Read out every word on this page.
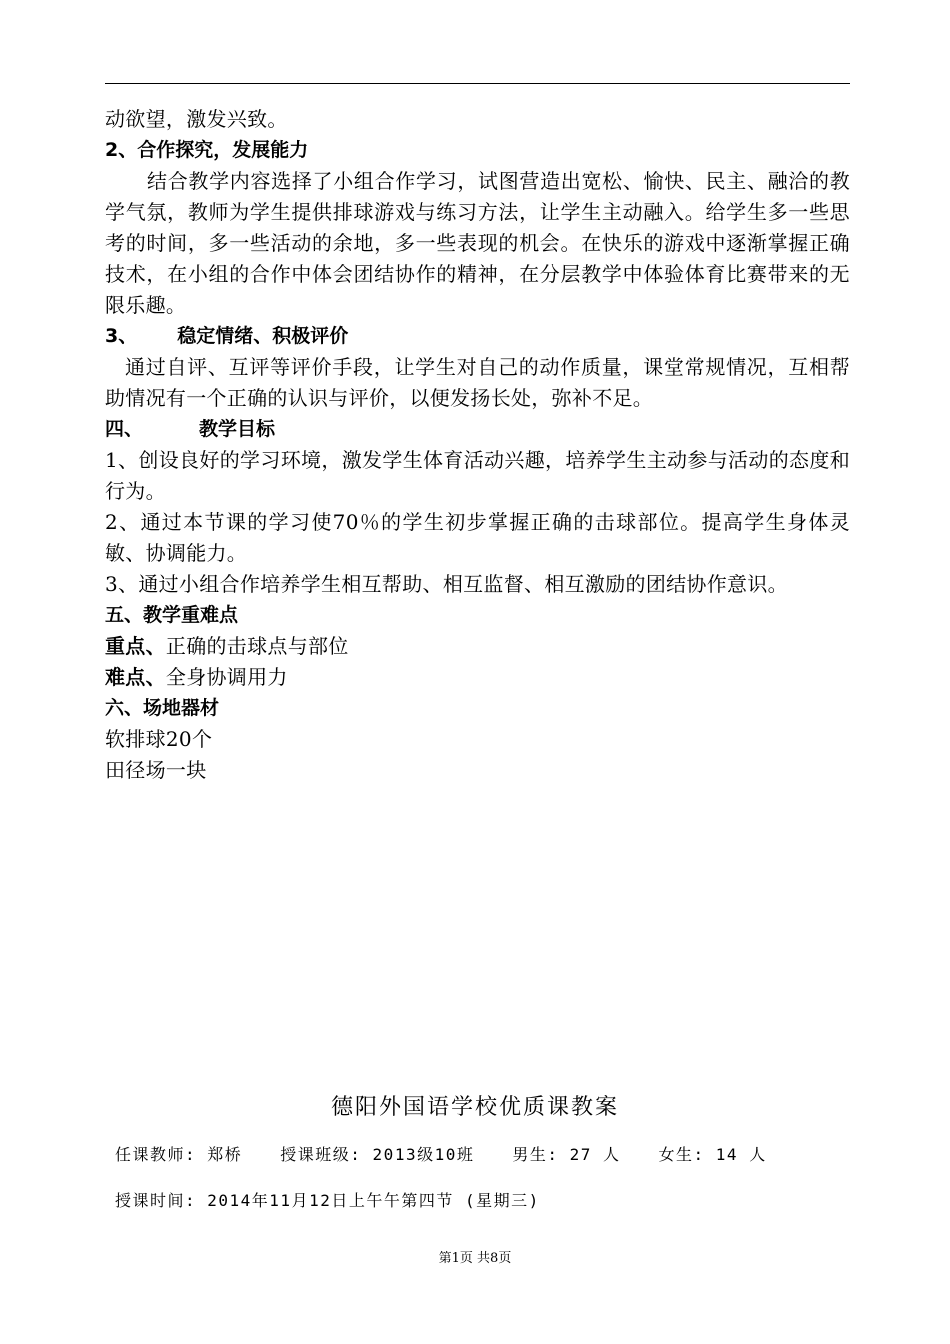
动欲望，激发兴致。

2、合作探究，发展能力

结合教学内容选择了小组合作学习，试图营造出宽松、愉快、民主、融洽的教学气氛，教师为学生提供排球游戏与练习方法，让学生主动融入。给学生多一些思考的时间，多一些活动的余地，多一些表现的机会。在快乐的游戏中逐渐掌握正确技术，在小组的合作中体会团结协作的精神，在分层教学中体验体育比赛带来的无限乐趣。

3、 稳定情绪、积极评价

通过自评、互评等评价手段，让学生对自己的动作质量，课堂常规情况，互相帮助情况有一个正确的认识与评价，以便发扬长处，弥补不足。

四、	教学目标

1、创设良好的学习环境，激发学生体育活动兴趣，培养学生主动参与活动的态度和行为。

2、通过本节课的学习使70％的学生初步掌握正确的击球部位。提高学生身体灵敏、协调能力。

3、通过小组合作培养学生相互帮助、相互监督、相互激励的团结协作意识。

五、教学重难点

重点、正确的击球点与部位

难点、全身协调用力

六、场地器材

软排球20个

田径场一块

德阳外国语学校优质课教案
任课教师: 郑桥 授课班级: 2013级10班 男生: 27 人 女生: 14 人
授课时间: 2014年11月12日上午午第四节 (星期三)
第1页 共8页
